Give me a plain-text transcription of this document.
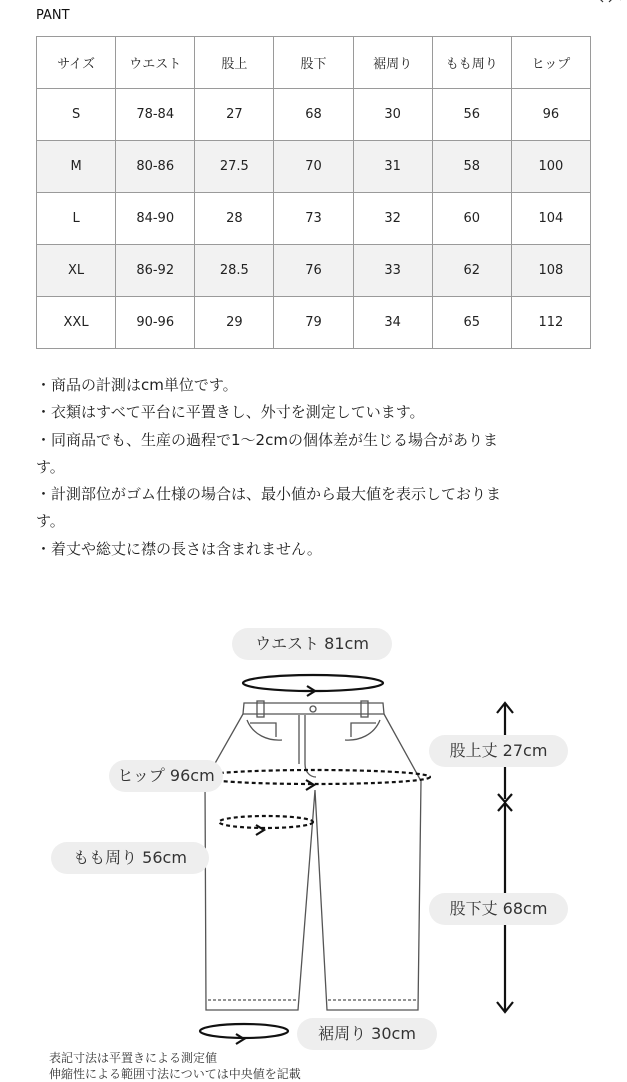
PANT
サイズ	ウエスト	股上	股下	裾周り	もも周り	ヒップ
S	78-84	27	68	30	56	96
M	80-86	27.5	70	31	58	100
L	84-90	28	73	32	60	104
XL	86-92	28.5	76	33	62	108
XXL	90-96	29	79	34	65	112

・商品の計測はcm単位です。

・衣類はすべて平台に平置きし、外寸を測定しています。

・同商品でも、生産の過程で1〜2cmの個体差が生じる場合がありま

す。

・計測部位がゴム仕様の場合は、最小値から最大値を表示しておりま

す。

・着丈や総丈に襟の長さは含まれません。

ウエスト 81cm
ヒップ 96cm
もも周り 56cm
股上丈 27cm
股下丈 68cm
裾周り 30cm
表記寸法は平置きによる測定値
伸縮性による範囲寸法については中央値を記載
